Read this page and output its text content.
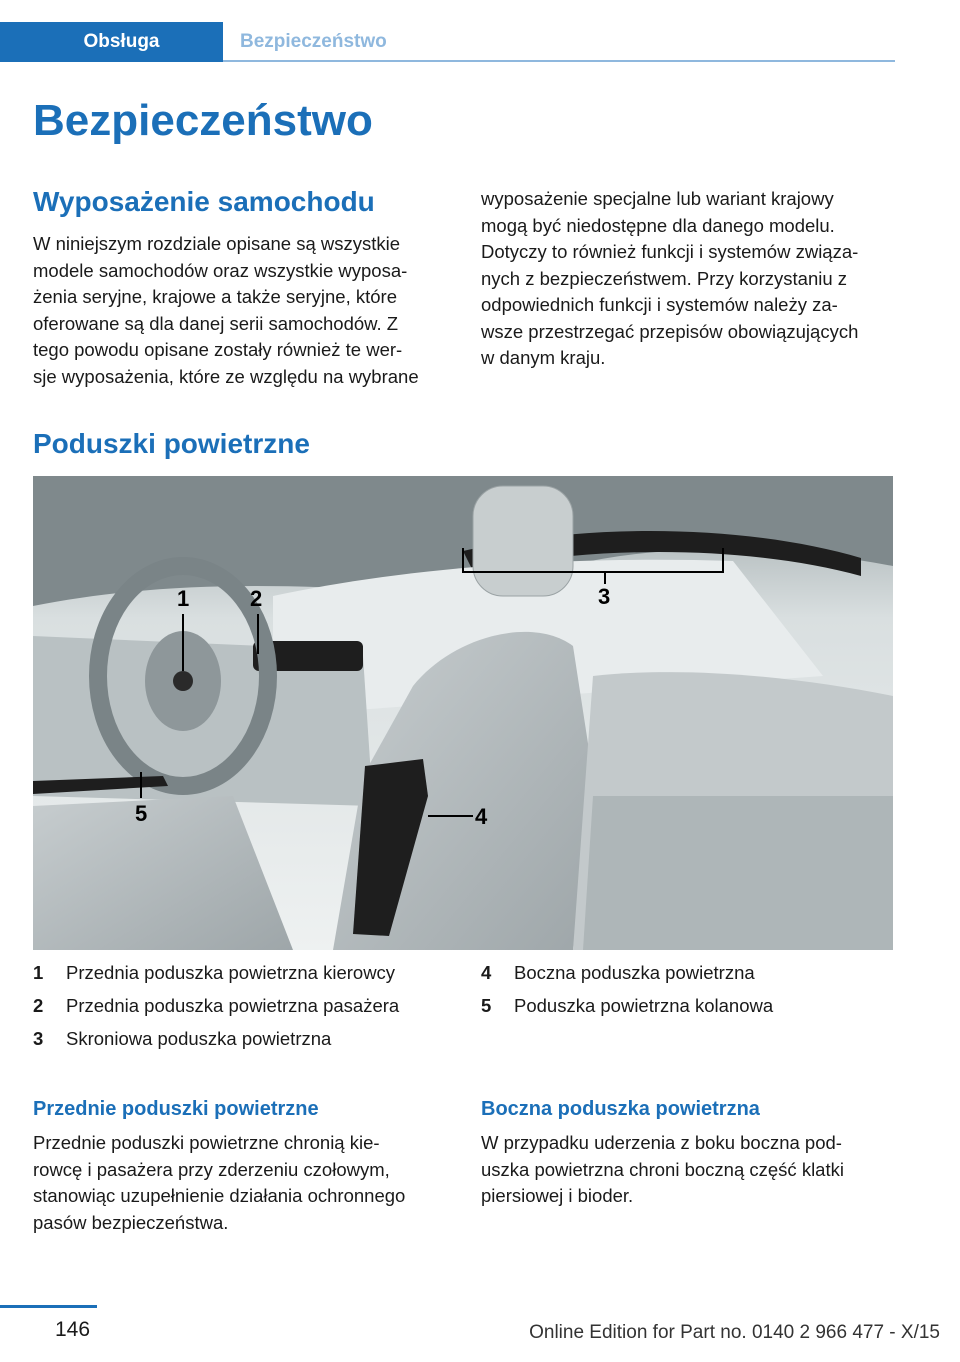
Obsługa	Bezpieczeństwo
Bezpieczeństwo
Wyposażenie samochodu
W niniejszym rozdziale opisane są wszystkie
modele samochodów oraz wszystkie wyposa‐
żenia seryjne, krajowe a także seryjne, które
oferowane są dla danej serii samochodów. Z
tego powodu opisane zostały również te wer‐
sje wyposażenia, które ze względu na wybrane
wyposażenie specjalne lub wariant krajowy
mogą być niedostępne dla danego modelu.
Dotyczy to również funkcji i systemów związa‐
nych z bezpieczeństwem. Przy korzystaniu z
odpowiednich funkcji i systemów należy za‐
wsze przestrzegać przepisów obowiązujących
w danym kraju.
Poduszki powietrzne
1	2	3
4
5
1	Przednia poduszka powietrzna kierowcy
2	Przednia poduszka powietrzna pasażera
3	Skroniowa poduszka powietrzna
4	Boczna poduszka powietrzna
5	Poduszka powietrzna kolanowa
Przednie poduszki powietrzne
Przednie poduszki powietrzne chronią kie‐
rowcę i pasażera przy zderzeniu czołowym,
stanowiąc uzupełnienie działania ochronnego
pasów bezpieczeństwa.
Boczna poduszka powietrzna
W przypadku uderzenia z boku boczna pod‐
uszka powietrzna chroni boczną część klatki
piersiowej i bioder.
146	Online Edition for Part no. 0140 2 966 477 - X/15
